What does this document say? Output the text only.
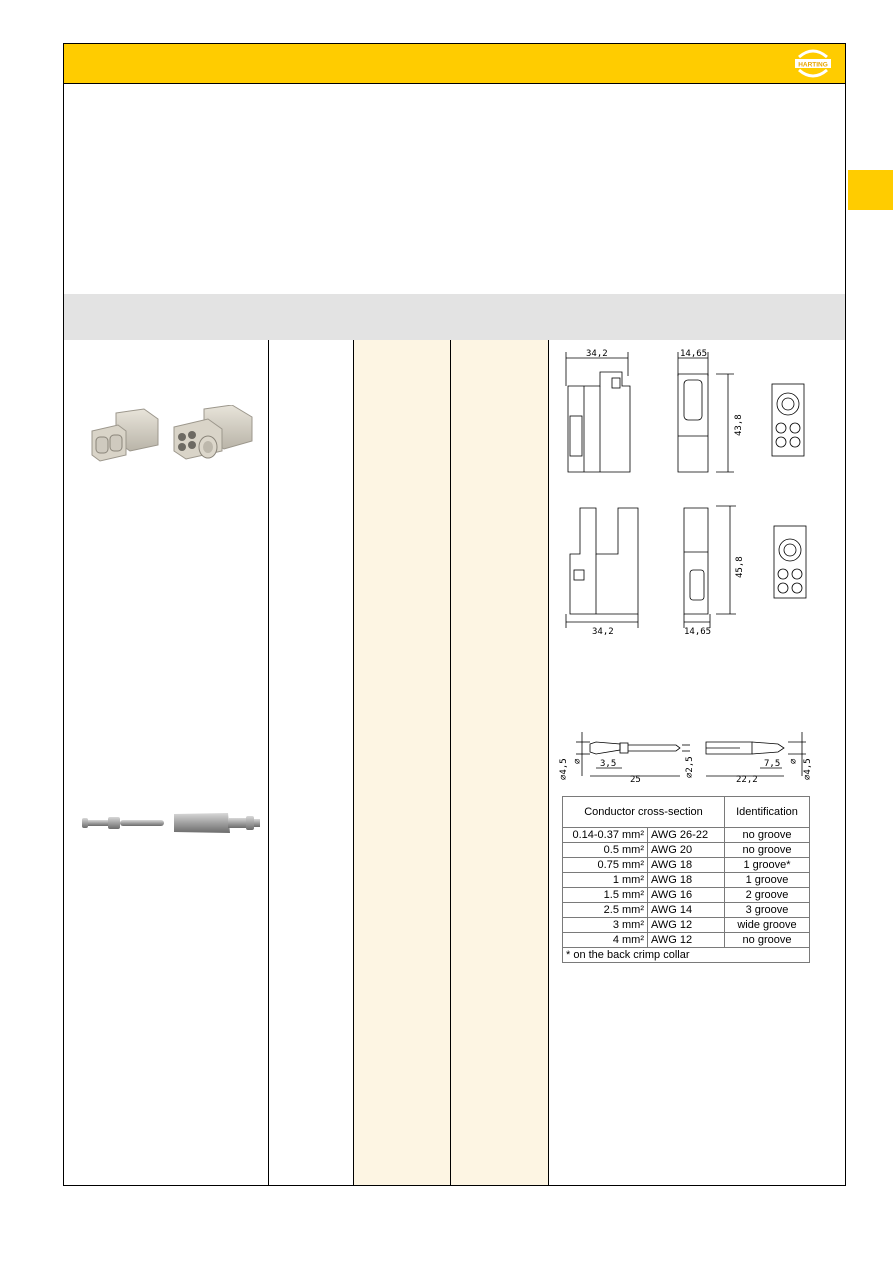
HARTING
34,2	14,65
43,8
34,2	14,65
45,8
∅4,5 ∅ 3,5
25
∅2,5
22,2
7,5 ∅ ∅4,5
Conductor cross-section		Identification
0.14-0.37 mm²	AWG 26-22	no groove
0.5 mm²	AWG 20	no groove
0.75 mm²	AWG 18	1 groove*
1 mm²	AWG 18	1 groove
1.5 mm²	AWG 16	2 groove
2.5 mm²	AWG 14	3 groove
3 mm²	AWG 12	wide groove
4 mm²	AWG 12	no groove
* on the back crimp collar		
